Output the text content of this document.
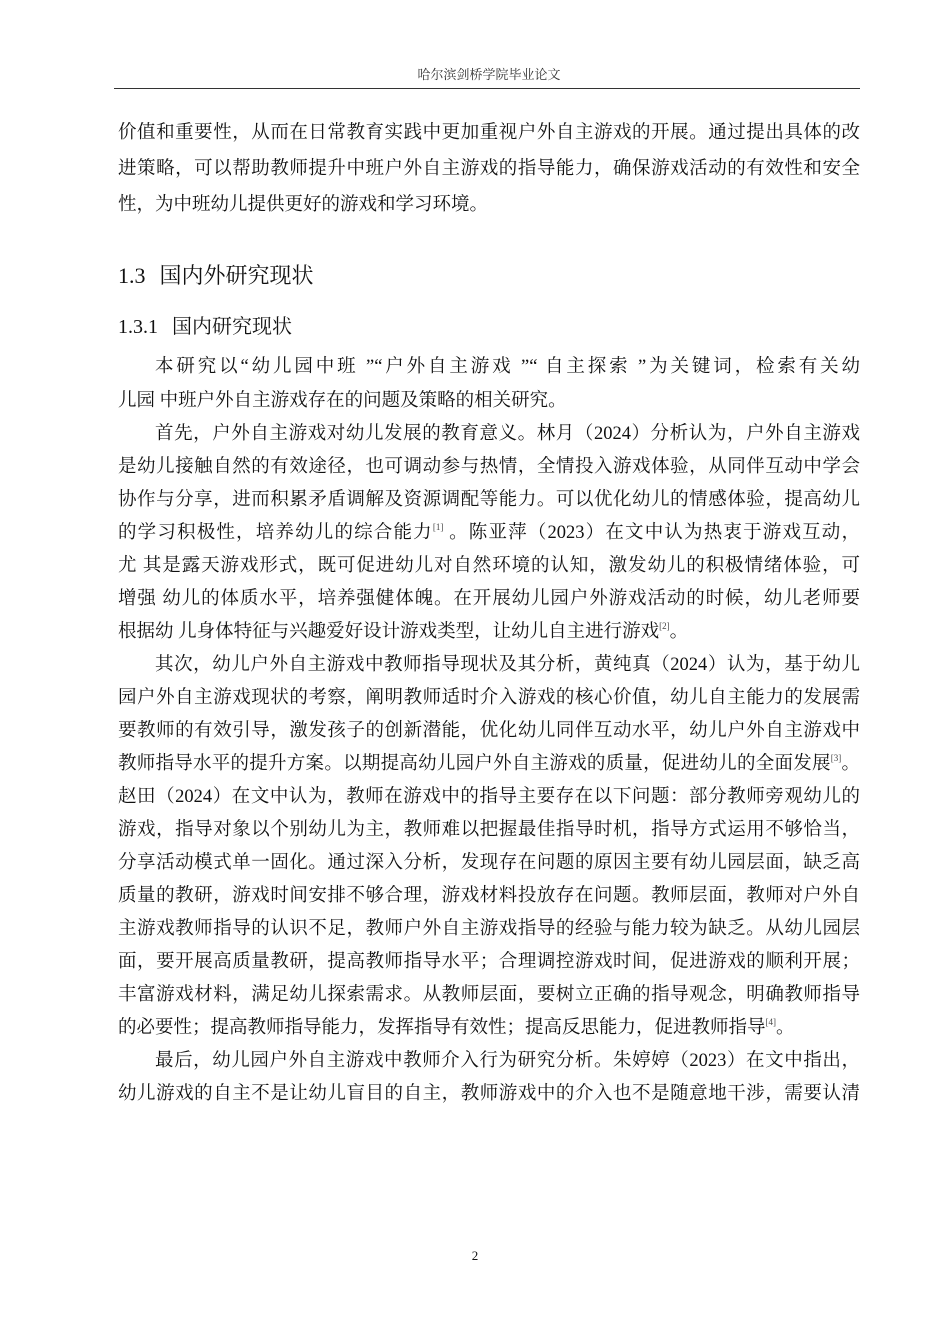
哈尔滨剑桥学院毕业论文
价值和重要性，从而在日常教育实践中更加重视户外自主游戏的开展。通过提出具体的改
进策略，可以帮助教师提升中班户外自主游戏的指导能力，确保游戏活动的有效性和安全
性，为中班幼儿提供更好的游戏和学习环境。
1.3 国内外研究现状
1.3.1 国内研究现状
本研究以“幼儿园中班 ”“户外自主游戏 ”“ 自主探索 ”为关键词，检索有关幼
儿园 中班户外自主游戏存在的问题及策略的相关研究。
首先，户外自主游戏对幼儿发展的教育意义。林月（2024）分析认为，户外自主游戏
是幼儿接触自然的有效途径，也可调动参与热情，全情投入游戏体验，从同伴互动中学会
协作与分享，进而积累矛盾调解及资源调配等能力。可以优化幼儿的情感体验，提高幼儿
的学习积极性，培养幼儿的综合能力[1] 。陈亚萍（2023）在文中认为热衷于游戏互动，
尤 其是露天游戏形式，既可促进幼儿对自然环境的认知，激发幼儿的积极情绪体验，可
增强 幼儿的体质水平，培养强健体魄。在开展幼儿园户外游戏活动的时候，幼儿老师要
根据幼 儿身体特征与兴趣爱好设计游戏类型，让幼儿自主进行游戏[2]。
其次，幼儿户外自主游戏中教师指导现状及其分析，黄纯真（2024）认为，基于幼儿
园户外自主游戏现状的考察，阐明教师适时介入游戏的核心价值，幼儿自主能力的发展需
要教师的有效引导，激发孩子的创新潜能，优化幼儿同伴互动水平，幼儿户外自主游戏中
教师指导水平的提升方案。以期提高幼儿园户外自主游戏的质量，促进幼儿的全面发展[3]。
赵田（2024）在文中认为，教师在游戏中的指导主要存在以下问题：部分教师旁观幼儿的
游戏，指导对象以个别幼儿为主，教师难以把握最佳指导时机，指导方式运用不够恰当，
分享活动模式单一固化。通过深入分析，发现存在问题的原因主要有幼儿园层面，缺乏高
质量的教研，游戏时间安排不够合理，游戏材料投放存在问题。教师层面，教师对户外自
主游戏教师指导的认识不足，教师户外自主游戏指导的经验与能力较为缺乏。从幼儿园层
面，要开展高质量教研，提高教师指导水平；合理调控游戏时间，促进游戏的顺利开展；
丰富游戏材料，满足幼儿探索需求。从教师层面，要树立正确的指导观念，明确教师指导
的必要性；提高教师指导能力，发挥指导有效性；提高反思能力，促进教师指导[4]。
最后，幼儿园户外自主游戏中教师介入行为研究分析。朱婷婷（2023）在文中指出，
幼儿游戏的自主不是让幼儿盲目的自主，教师游戏中的介入也不是随意地干涉，需要认清
2
